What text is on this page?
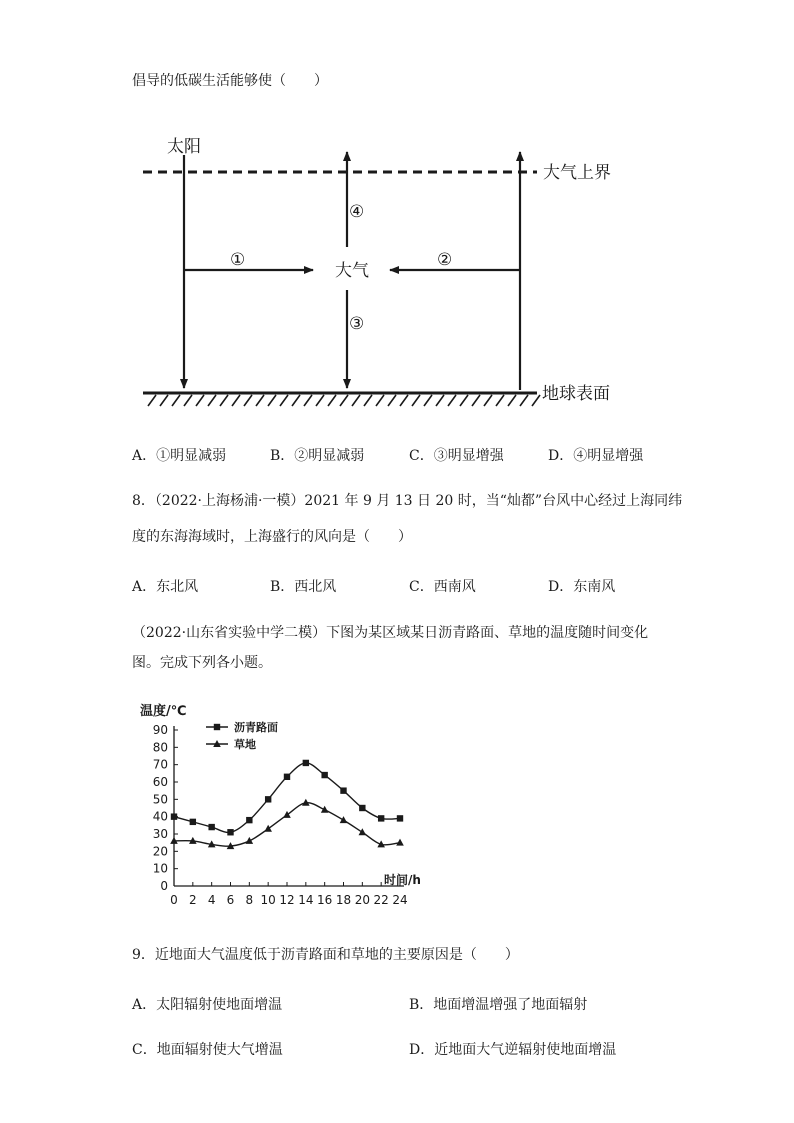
倡导的低碳生活能够使（　　）
太阳
大气上界
大气
地球表面
①	②
③
④
A．①明显减弱	B．②明显减弱	C．③明显增强	D．④明显增强
8．（2022·上海杨浦·一模）2021 年 9 月 13 日 20 时，当“灿都”台风中心经过上海同纬
度的东海海域时，上海盛行的风向是（　　）
A．东北风	B．西北风	C．西南风	D．东南风
（2022·山东省实验中学二模）下图为某区域某日沥青路面、草地的温度随时间变化
图。完成下列各小题。
0
10
20
30
40
50
60
70
80
90
0 2 4 6 8 10 12 14 16 18 20 22 24
温度/℃
时间/h
沥青路面
草地
9．近地面大气温度低于沥青路面和草地的主要原因是（　　）
A．太阳辐射使地面增温	B．地面增温增强了地面辐射
C．地面辐射使大气增温	D．近地面大气逆辐射使地面增温
